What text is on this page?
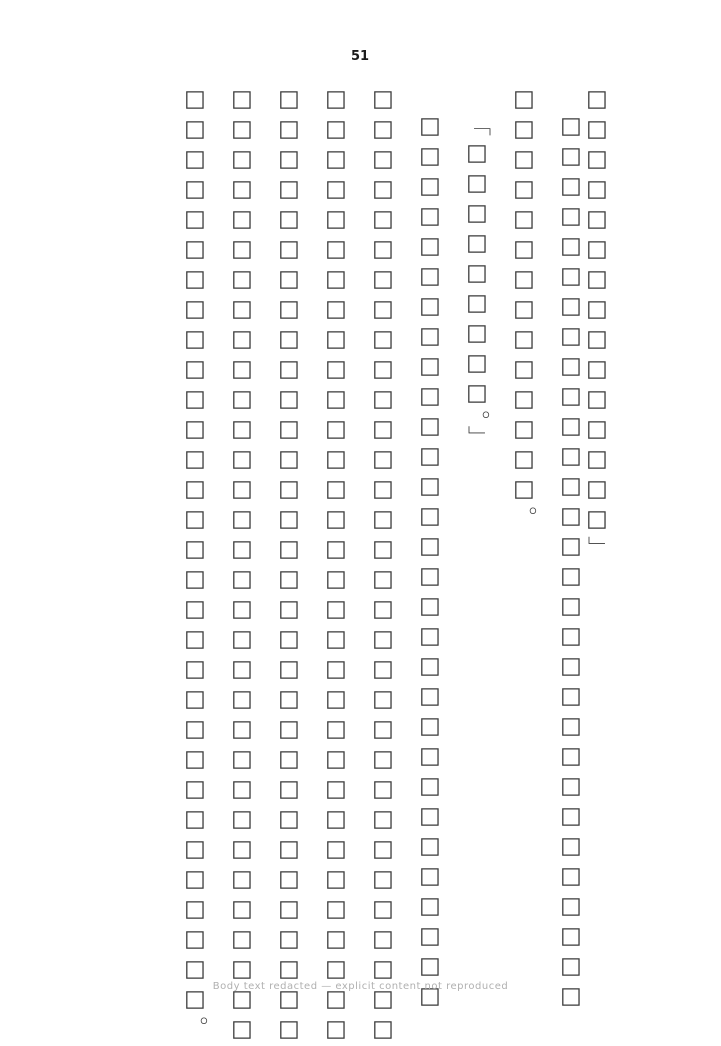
51
□□□□□□□□□□□□□□□」
□□□□□□□□□□□□□□□□□□□□□□□□□□□□□□
□□□□□□□□□□□□□□。
「□□□□□□□□□。」
□□□□□□□□□□□□□□□□□□□□□□□□□□□□□□
□□□□□□□□□□□□□□□□□□□□□□□□□□□□□□□□
□□□□□□□□□□□□□□□□□□□□□□□□□□□□□□□□
□□□□□□□□□□□□□□□□□□□□□□□□□□□□□□□□
□□□□□□□□□□□□□□□□□□□□□□□□□□□□□□□□
□□□□□□□□□□□□□□□□□□□□□□□□□□□□□□□。 Body text redacted — explicit content not reproduced
